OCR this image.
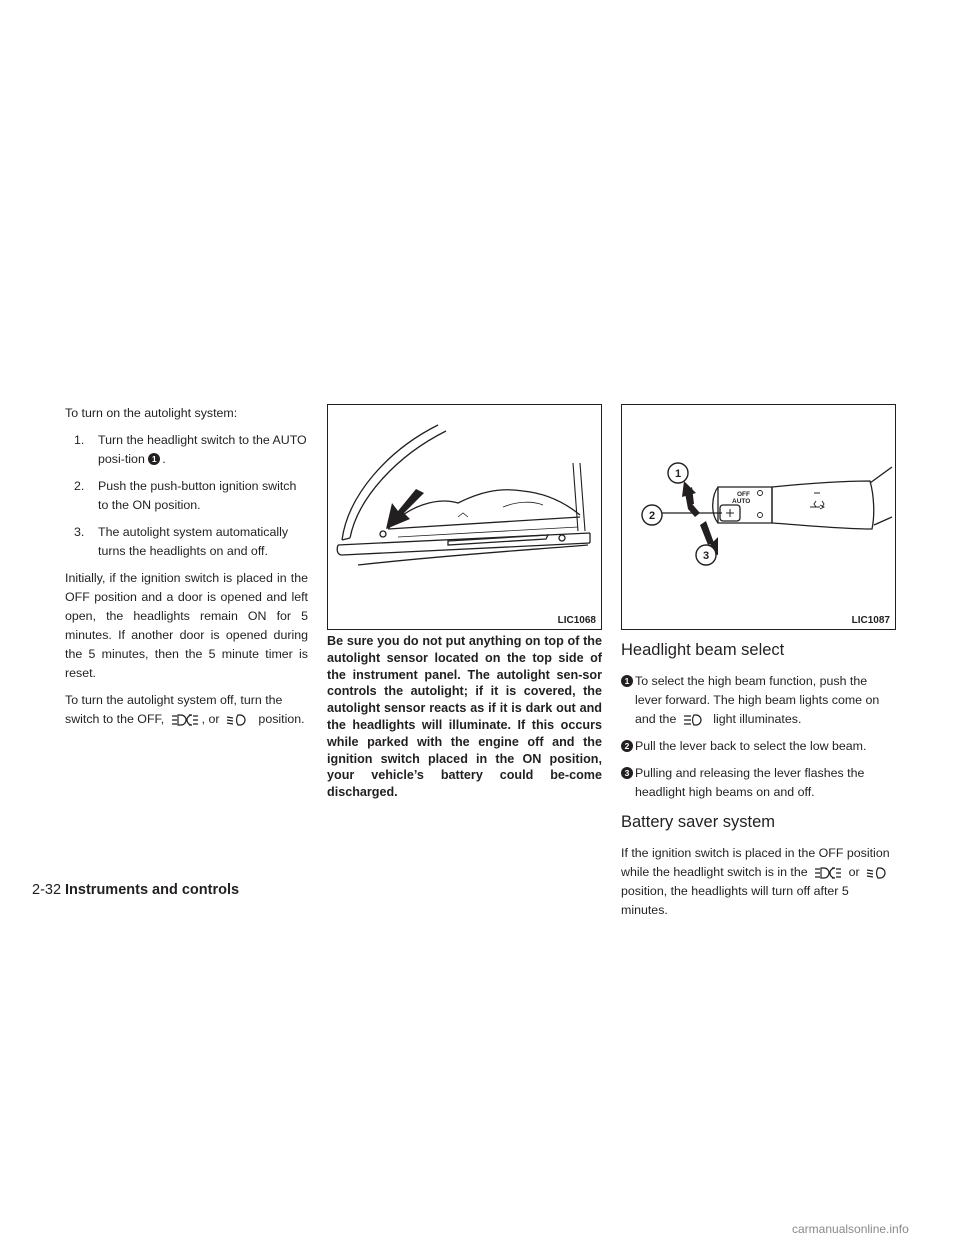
To turn on the autolight system:

1. Turn the headlight switch to the AUTO posi-tion 1 .
2. Push the push-button ignition switch to the ON position.
3. The autolight system automatically turns the headlights on and off.

Initially, if the ignition switch is placed in the OFF position and a door is opened and left open, the headlights remain ON for 5 minutes. If another door is opened during the 5 minutes, then the 5 minute timer is reset.

To turn the autolight system off, turn the switch to the OFF,	, or	position.

LIC1068
OFF
AUTO
1
2
3
LIC1087

Be sure you do not put anything on top of the autolight sensor located on the top side of the instrument panel. The autolight sen-sor controls the autolight; if it is covered, the autolight sensor reacts as if it is dark out and the headlights will illuminate. If this occurs while parked with the engine off and the ignition switch placed in the ON position, your vehicle’s battery could be-come discharged.

Headlight beam select
1 To select the high beam function, push the lever forward. The high beam lights come on and the	light illuminates.
2 Pull the lever back to select the low beam.
3 Pulling and releasing the lever flashes the headlight high beams on and off.
Battery saver system

If the ignition switch is placed in the OFF position while the headlight switch is in the	or  position, the headlights will turn off after 5 minutes.

2-32 Instruments and controls
carmanualsonline.info
